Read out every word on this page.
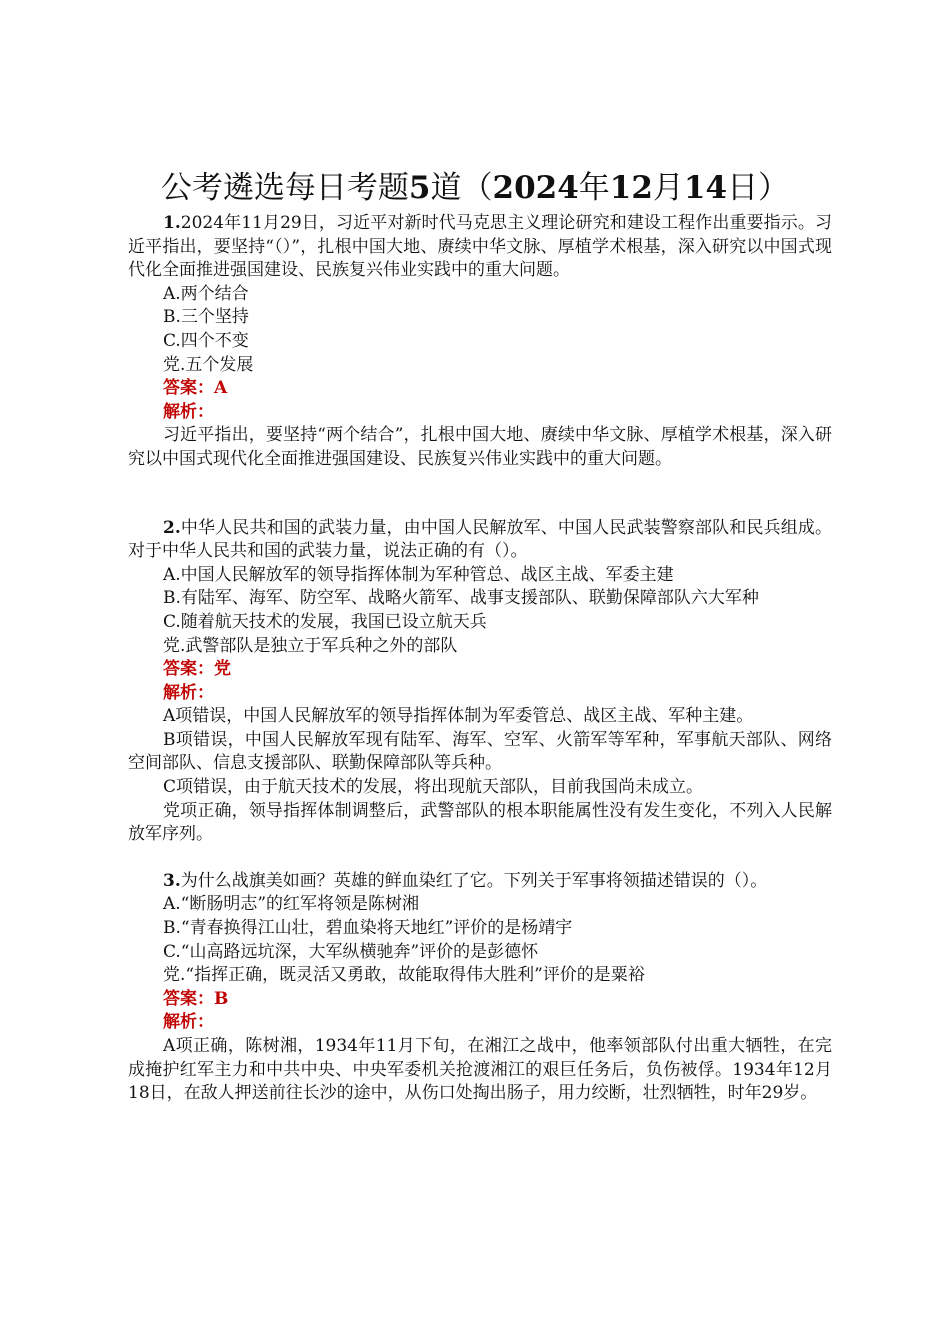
公考遴选每日考题5道（2024年12月14日）

1.2024年11月29日，习近平对新时代马克思主义理论研究和建设工程作出重要指示。习近平指出，要坚持“（）”，扎根中国大地、赓续中华文脉、厚植学术根基，深入研究以中国式现代化全面推进强国建设、民族复兴伟业实践中的重大问题。

A.两个结合

B.三个坚持

C.四个不变

党.五个发展

答案：A

解析：

习近平指出，要坚持“两个结合”，扎根中国大地、赓续中华文脉、厚植学术根基，深入研究以中国式现代化全面推进强国建设、民族复兴伟业实践中的重大问题。

2.中华人民共和国的武装力量，由中国人民解放军、中国人民武装警察部队和民兵组成。对于中华人民共和国的武装力量，说法正确的有（）。

A.中国人民解放军的领导指挥体制为军种管总、战区主战、军委主建

B.有陆军、海军、防空军、战略火箭军、战事支援部队、联勤保障部队六大军种

C.随着航天技术的发展，我国已设立航天兵

党.武警部队是独立于军兵种之外的部队

答案：党

解析：

A项错误，中国人民解放军的领导指挥体制为军委管总、战区主战、军种主建。

B项错误，中国人民解放军现有陆军、海军、空军、火箭军等军种，军事航天部队、网络空间部队、信息支援部队、联勤保障部队等兵种。

C项错误，由于航天技术的发展，将出现航天部队，目前我国尚未成立。

党项正确，领导指挥体制调整后，武警部队的根本职能属性没有发生变化，不列入人民解放军序列。

3.为什么战旗美如画？英雄的鲜血染红了它。下列关于军事将领描述错误的（）。

A.“断肠明志”的红军将领是陈树湘

B.“青春换得江山壮，碧血染将天地红”评价的是杨靖宇

C.“山高路远坑深，大军纵横驰奔”评价的是彭德怀

党.“指挥正确，既灵活又勇敢，故能取得伟大胜利”评价的是粟裕

答案：B

解析：

A项正确，陈树湘，1934年11月下旬，在湘江之战中，他率领部队付出重大牺牲，在完成掩护红军主力和中共中央、中央军委机关抢渡湘江的艰巨任务后，负伤被俘。1934年12月18日，在敌人押送前往长沙的途中，从伤口处掏出肠子，用力绞断，壮烈牺牲，时年29岁。
